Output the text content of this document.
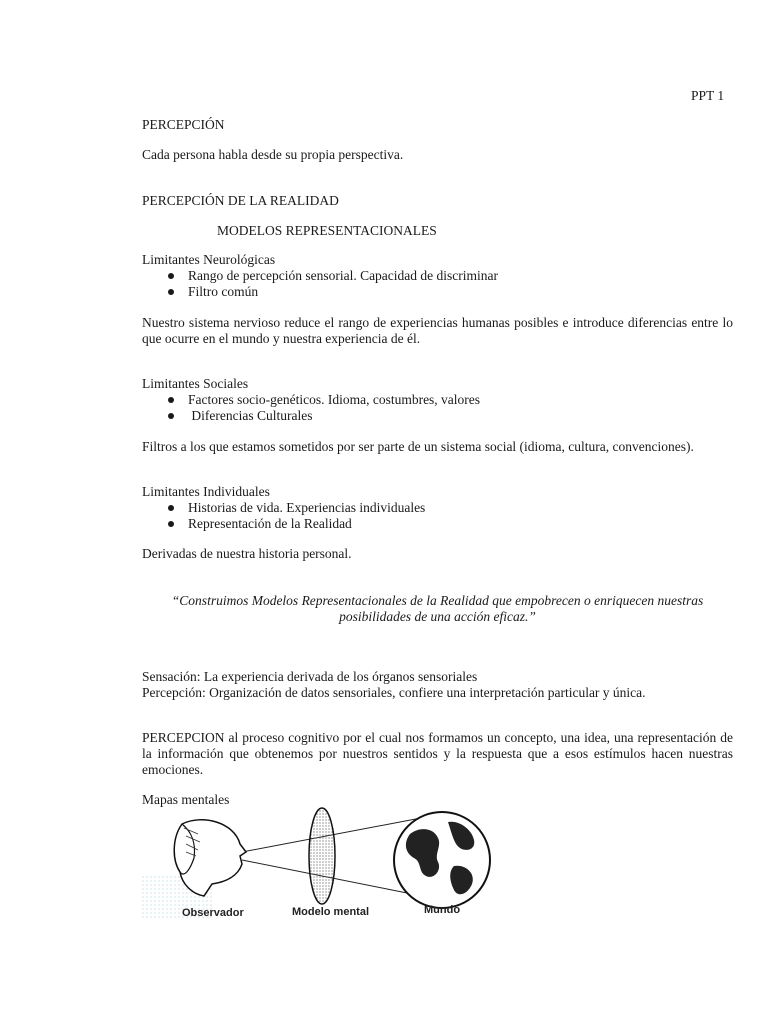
PPT 1
PERCEPCIÓN
Cada persona habla desde su propia perspectiva.
PERCEPCIÓN DE LA REALIDAD
MODELOS REPRESENTACIONALES
Limitantes Neurológicas
Rango de percepción sensorial. Capacidad de discriminar
Filtro común
Nuestro sistema nervioso reduce el rango de experiencias humanas posibles e introduce diferencias entre lo que ocurre en el mundo y nuestra experiencia de él.
Limitantes Sociales
Factores socio-genéticos. Idioma, costumbres, valores
Diferencias Culturales
Filtros a los que estamos sometidos por ser parte de un sistema social (idioma, cultura, convenciones).
Limitantes Individuales
Historias de vida. Experiencias individuales
Representación de la Realidad
Derivadas de nuestra historia personal.
“Construimos Modelos Representacionales de la Realidad que empobrecen o enriquecen nuestras posibilidades de una acción eficaz.”
Sensación: La experiencia derivada de los órganos sensoriales
Percepción: Organización de datos sensoriales, confiere una interpretación particular y única.
PERCEPCION al proceso cognitivo por el cual nos formamos un concepto, una idea, una representación de la información que obtenemos por nuestros sentidos y la respuesta que a esos estímulos hacen nuestras emociones.
Mapas mentales
Observador	Modelo mental	Mundo
